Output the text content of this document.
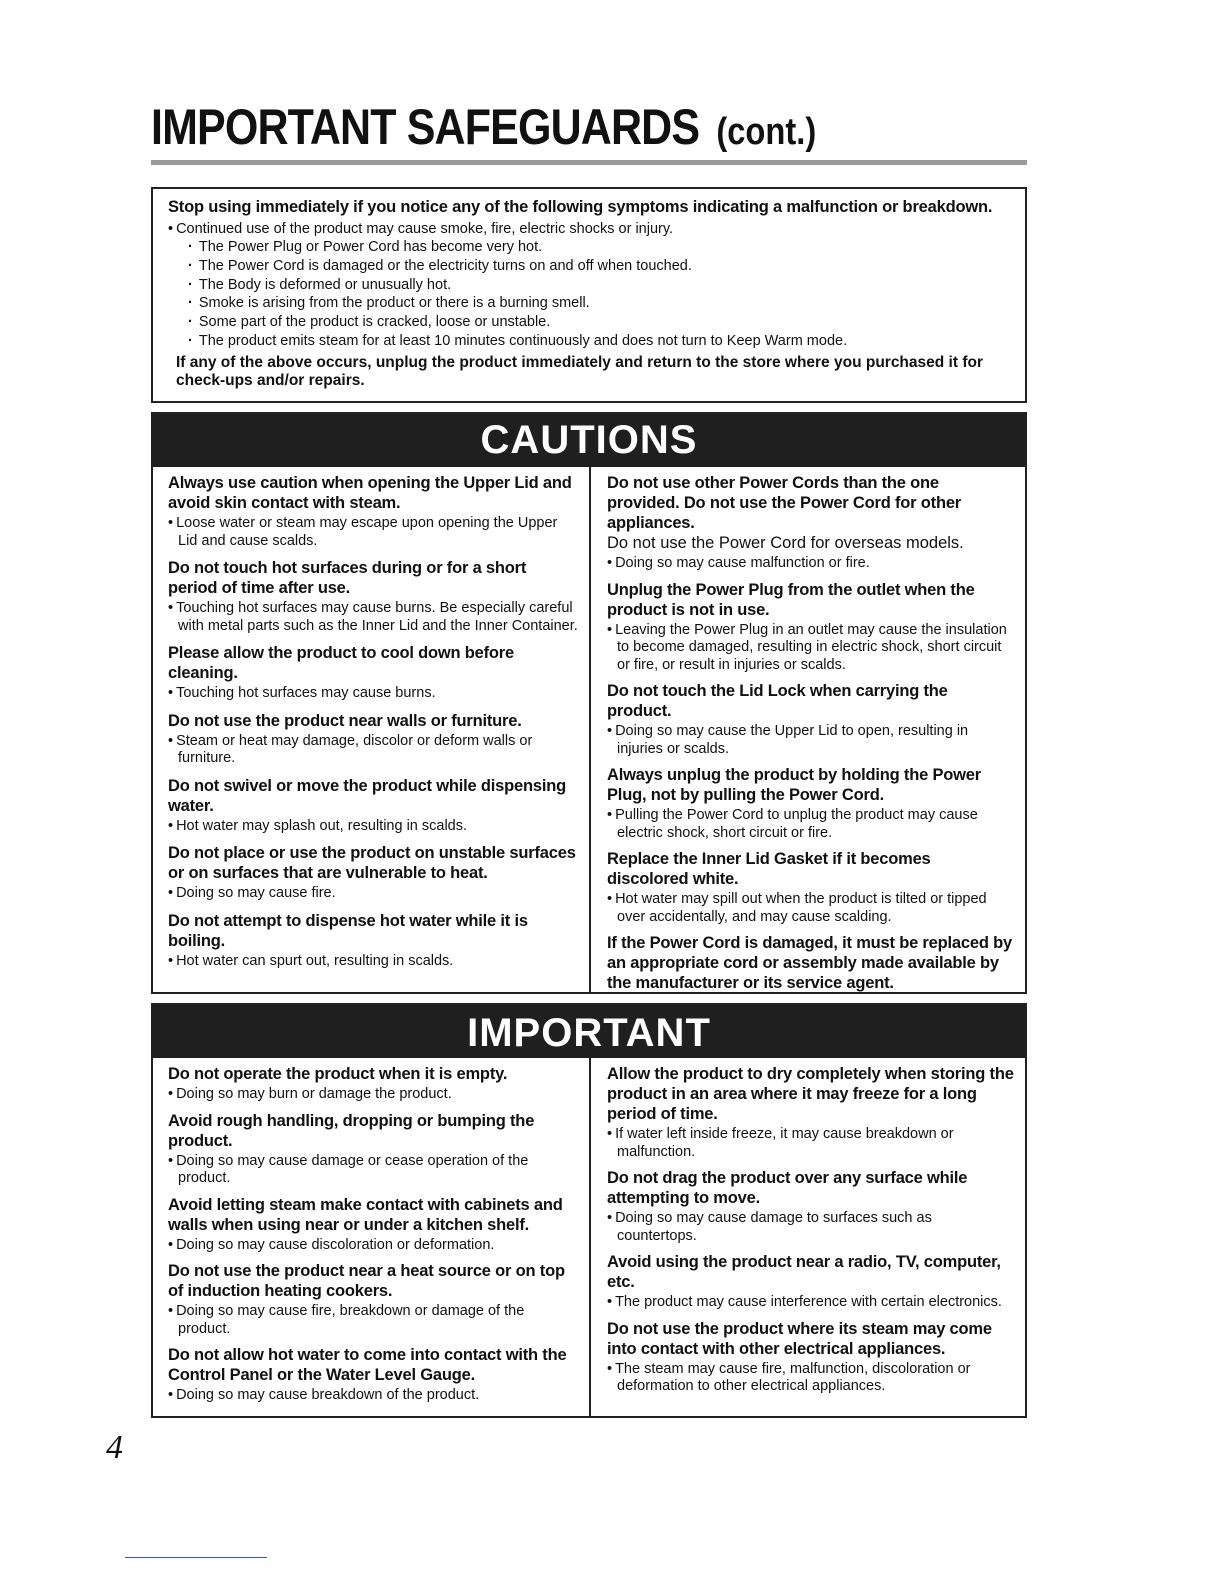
IMPORTANT SAFEGUARDS (cont.)

Stop using immediately if you notice any of the following symptoms indicating a malfunction or breakdown.

• Continued use of the product may cause smoke, fire, electric shocks or injury.

· The Power Plug or Power Cord has become very hot.
· The Power Cord is damaged or the electricity turns on and off when touched.
· The Body is deformed or unusually hot.
· Smoke is arising from the product or there is a burning smell.
· Some part of the product is cracked, loose or unstable.
· The product emits steam for at least 10 minutes continuously and does not turn to Keep Warm mode.

If any of the above occurs, unplug the product immediately and return to the store where you purchased it for check-ups and/or repairs.

CAUTIONS

Always use caution when opening the Upper Lid and avoid skin contact with steam.

• Loose water or steam may escape upon opening the Upper Lid and cause scalds.

Do not touch hot surfaces during or for a short period of time after use.

• Touching hot surfaces may cause burns. Be especially careful with metal parts such as the Inner Lid and the Inner Container.

Please allow the product to cool down before cleaning.

• Touching hot surfaces may cause burns.

Do not use the product near walls or furniture.

• Steam or heat may damage, discolor or deform walls or furniture.

Do not swivel or move the product while dispensing water.

• Hot water may splash out, resulting in scalds.

Do not place or use the product on unstable surfaces or on surfaces that are vulnerable to heat.

• Doing so may cause fire.

Do not attempt to dispense hot water while it is boiling.

• Hot water can spurt out, resulting in scalds.

Do not use other Power Cords than the one provided. Do not use the Power Cord for other appliances.

Do not use the Power Cord for overseas models.

• Doing so may cause malfunction or fire.

Unplug the Power Plug from the outlet when the product is not in use.

• Leaving the Power Plug in an outlet may cause the insulation to become damaged, resulting in electric shock, short circuit or fire, or result in injuries or scalds.

Do not touch the Lid Lock when carrying the product.

• Doing so may cause the Upper Lid to open, resulting in injuries or scalds.

Always unplug the product by holding the Power Plug, not by pulling the Power Cord.

• Pulling the Power Cord to unplug the product may cause electric shock, short circuit or fire.

Replace the Inner Lid Gasket if it becomes discolored white.

• Hot water may spill out when the product is tilted or tipped over accidentally, and may cause scalding.

If the Power Cord is damaged, it must be replaced by an appropriate cord or assembly made available by the manufacturer or its service agent.

IMPORTANT

Do not operate the product when it is empty.

• Doing so may burn or damage the product.

Avoid rough handling, dropping or bumping the product.

• Doing so may cause damage or cease operation of the product.

Avoid letting steam make contact with cabinets and walls when using near or under a kitchen shelf.

• Doing so may cause discoloration or deformation.

Do not use the product near a heat source or on top of induction heating cookers.

• Doing so may cause fire, breakdown or damage of the product.

Do not allow hot water to come into contact with the Control Panel or the Water Level Gauge.

• Doing so may cause breakdown of the product.

Allow the product to dry completely when storing the product in an area where it may freeze for a long period of time.

• If water left inside freeze, it may cause breakdown or malfunction.

Do not drag the product over any surface while attempting to move.

• Doing so may cause damage to surfaces such as countertops.

Avoid using the product near a radio, TV, computer, etc.

• The product may cause interference with certain electronics.

Do not use the product where its steam may come into contact with other electrical appliances.

• The steam may cause fire, malfunction, discoloration or deformation to other electrical appliances.

4
